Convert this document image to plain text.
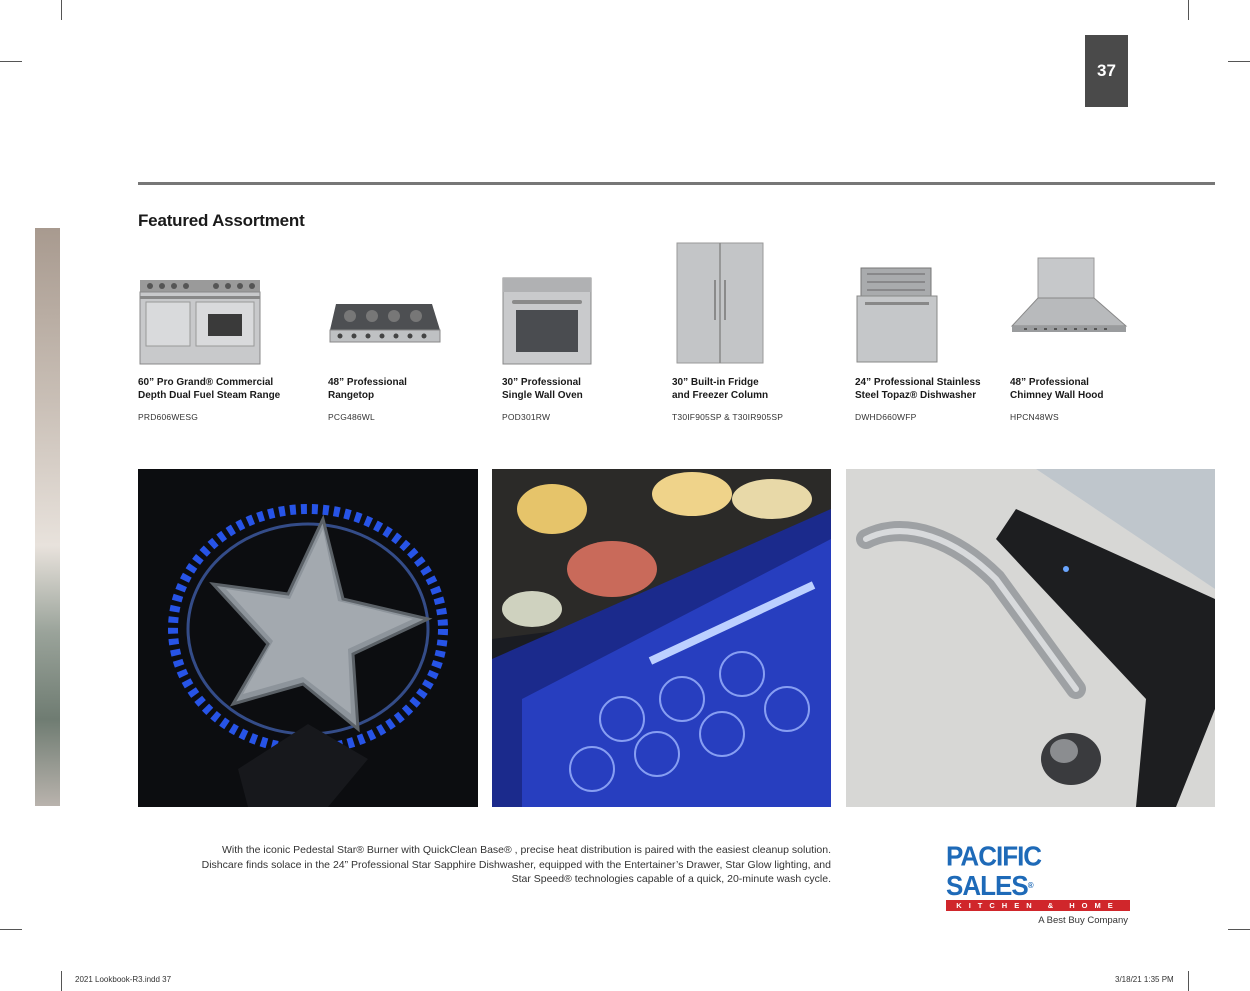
37
Featured Assortment
60” Pro Grand® Commercial
Depth Dual Fuel Steam Range
PRD606WESG
48” Professional
Rangetop
PCG486WL
30” Professional
Single Wall Oven
POD301RW
30” Built-in Fridge
and Freezer Column
T30IF905SP & T30IR905SP
24” Professional Stainless
Steel Topaz® Dishwasher
DWHD660WFP
48” Professional
Chimney Wall Hood
HPCN48WS
With the iconic Pedestal Star® Burner with QuickClean Base® , precise heat distribution is paired with the easiest cleanup solution.
Dishcare finds solace in the 24” Professional Star Sapphire Dishwasher, equipped with the Entertainer’s Drawer, Star Glow lighting, and
Star Speed® technologies capable of a quick, 20-minute wash cycle.
PACIFIC SALES®
KITCHEN & HOME
A Best Buy Company
2021 Lookbook-R3.indd 37	3/18/21 1:35 PM
